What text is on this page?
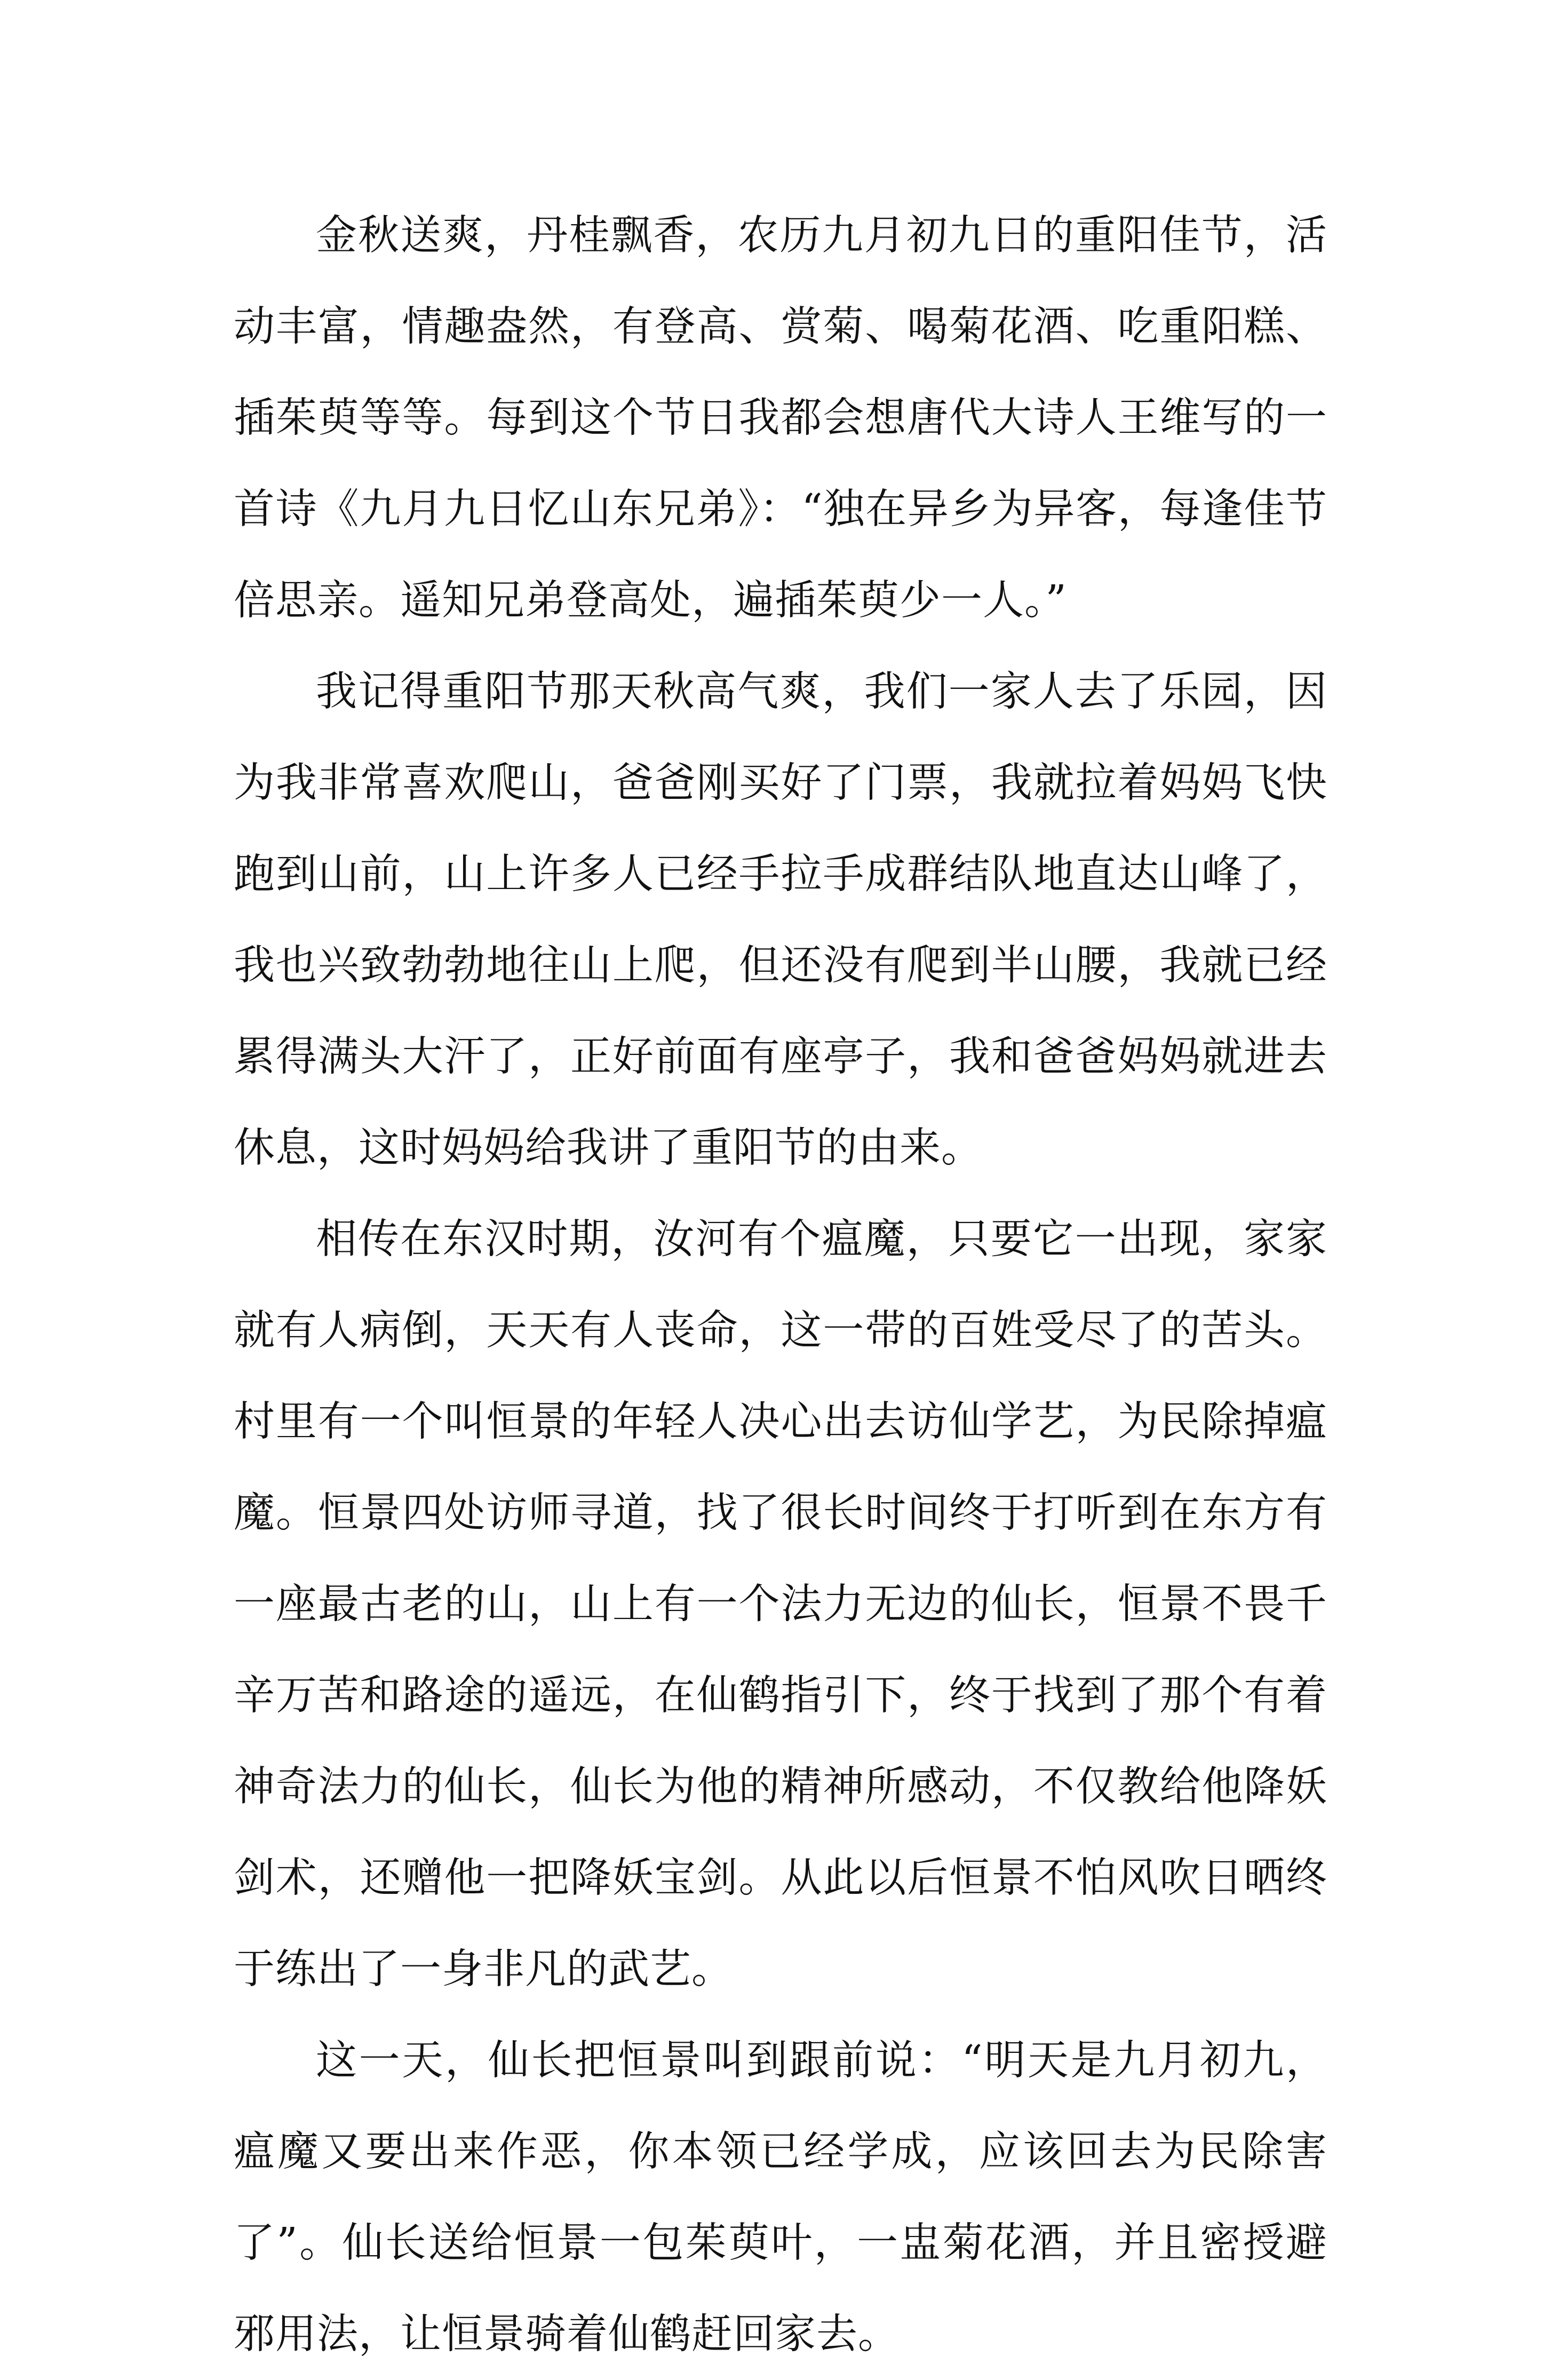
金秋送爽，丹桂飘香，农历九月初九日的重阳佳节，活动丰富，情趣盎然，有登高、赏菊、喝菊花酒、吃重阳糕、插茱萸等等。每到这个节日我都会想唐代大诗人王维写的一首诗《九月九日忆山东兄弟》：“独在异乡为异客，每逢佳节倍思亲。遥知兄弟登高处，遍插茱萸少一人。”

我记得重阳节那天秋高气爽，我们一家人去了乐园，因为我非常喜欢爬山，爸爸刚买好了门票，我就拉着妈妈飞快跑到山前，山上许多人已经手拉手成群结队地直达山峰了，我也兴致勃勃地往山上爬，但还没有爬到半山腰，我就已经累得满头大汗了，正好前面有座亭子，我和爸爸妈妈就进去休息，这时妈妈给我讲了重阳节的由来。

相传在东汉时期，汝河有个瘟魔，只要它一出现，家家就有人病倒，天天有人丧命，这一带的百姓受尽了的苦头。村里有一个叫恒景的年轻人决心出去访仙学艺，为民除掉瘟魔。恒景四处访师寻道，找了很长时间终于打听到在东方有一座最古老的山，山上有一个法力无边的仙长，恒景不畏千辛万苦和路途的遥远，在仙鹤指引下，终于找到了那个有着神奇法力的仙长，仙长为他的精神所感动，不仅教给他降妖剑术，还赠他一把降妖宝剑。从此以后恒景不怕风吹日晒终于练出了一身非凡的武艺。

这一天，仙长把恒景叫到跟前说：“明天是九月初九，瘟魔又要出来作恶，你本领已经学成，应该回去为民除害了”。仙长送给恒景一包茱萸叶，一盅菊花酒，并且密授避邪用法，让恒景骑着仙鹤赶回家去。
